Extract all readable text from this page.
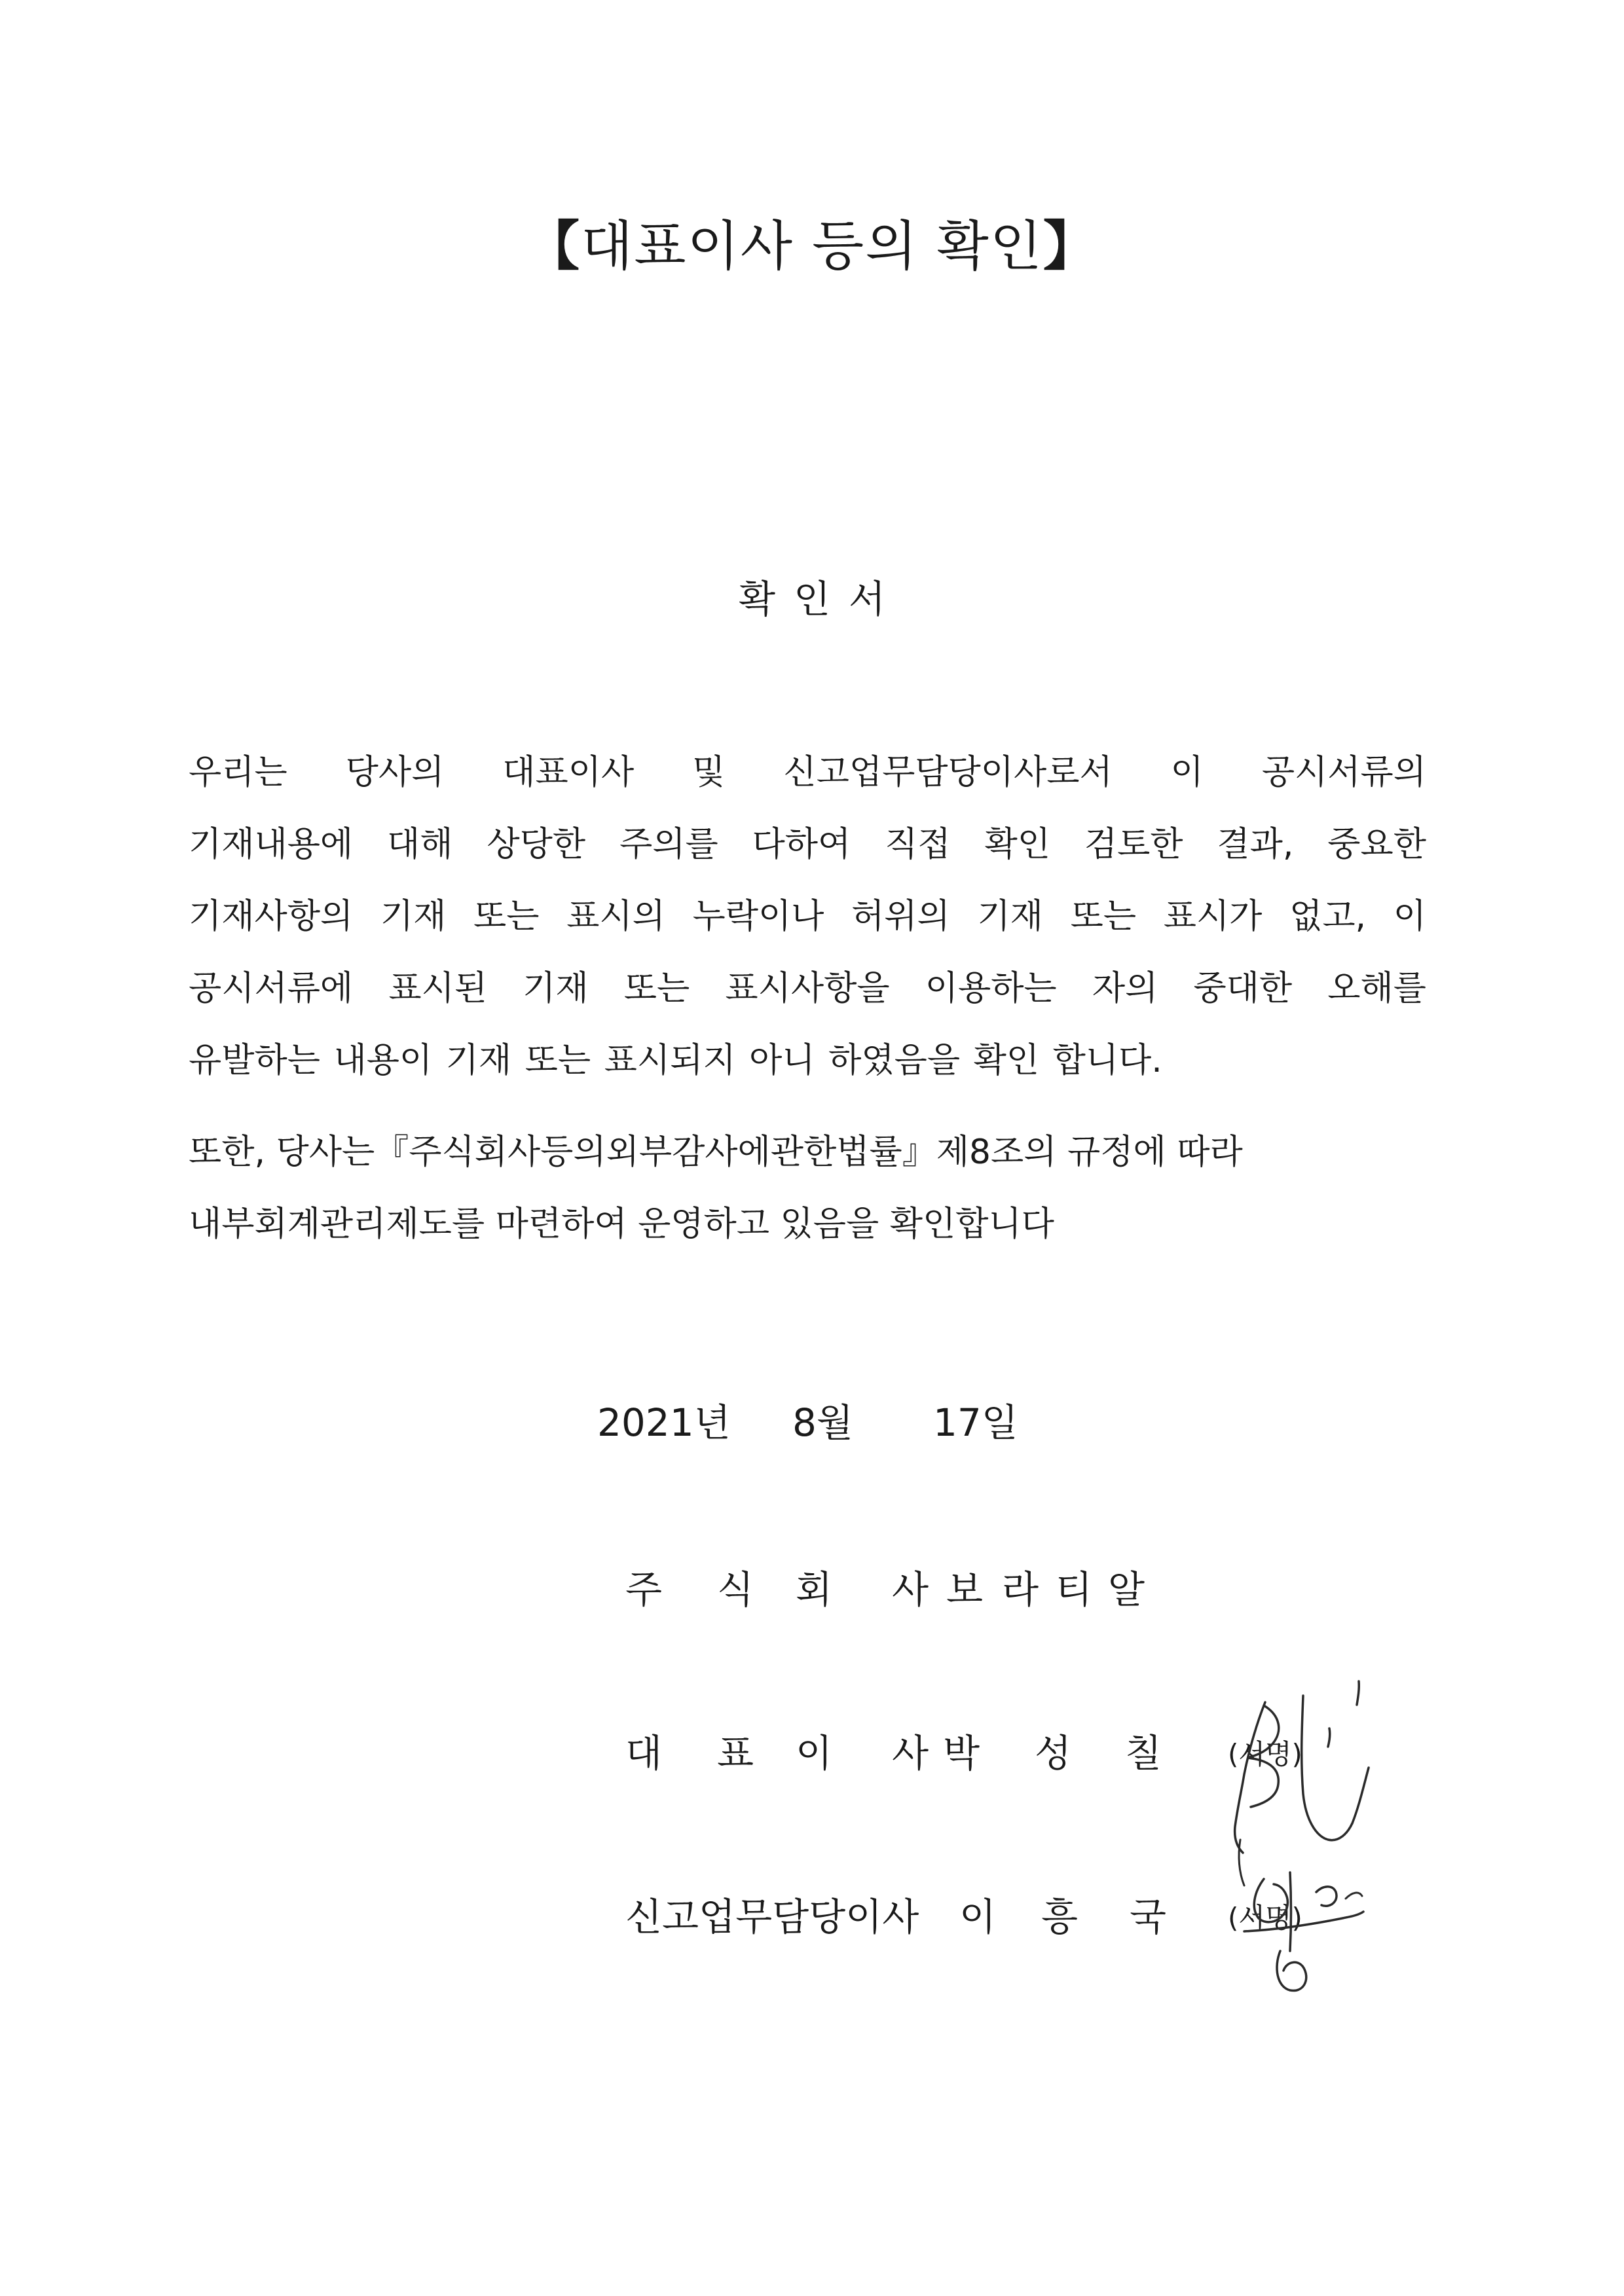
【대표이사 등의 확인】
확인서

우리는 당사의 대표이사 및 신고업무담당이사로서 이 공시서류의
기재내용에 대해 상당한 주의를 다하여 직접 확인 검토한 결과, 중요한
기재사항의 기재 또는 표시의 누락이나 허위의 기재 또는 표시가 없고, 이
공시서류에 표시된 기재 또는 표시사항을 이용하는 자의 중대한 오해를
유발하는 내용이 기재 또는 표시되지 아니 하였음을 확인 합니다.

또한, 당사는『주식회사등의외부감사에관한법률』제8조의 규정에 따라
내부회계관리제도를 마련하여 운영하고 있음을 확인합니다

2021년 8월 17일
주 식 회 사 보 라 티 알
대 표 이 사 박 성 칠 (서명)
신고업무담당이사 이 흥 국 (서명)
